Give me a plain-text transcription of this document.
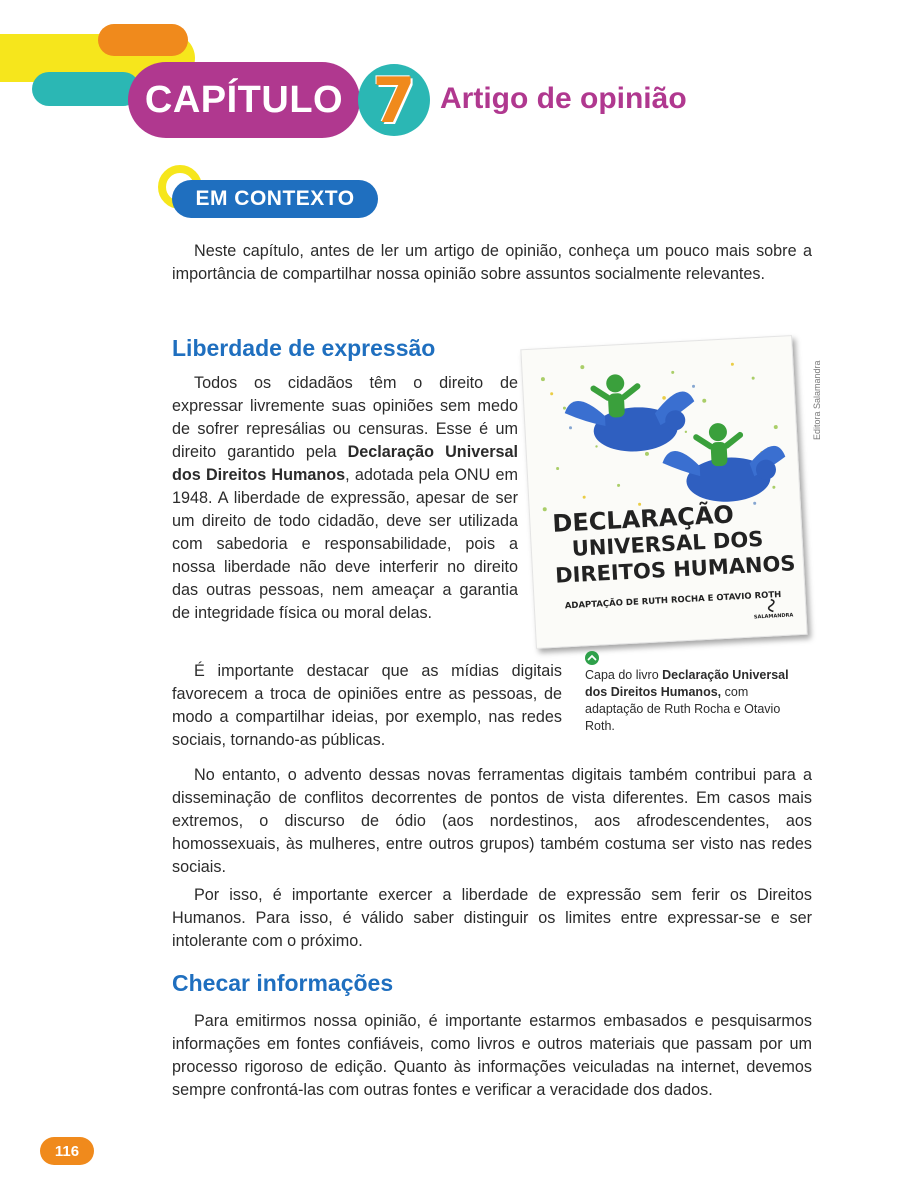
CAPÍTULO 7 Artigo de opinião
EM CONTEXTO

Neste capítulo, antes de ler um artigo de opinião, conheça um pouco mais sobre a importância de compartilhar nossa opinião sobre assuntos socialmente relevantes.

Liberdade de expressão

Todos os cidadãos têm o direito de expressar livremente suas opiniões sem medo de sofrer represálias ou censuras. Esse é um direito garantido pela Declaração Universal dos Direitos Humanos, adotada pela ONU em 1948. A liberdade de expressão, apesar de ser um direito de todo cidadão, deve ser utilizada com sabedoria e responsabilidade, pois a nossa liberdade não deve interferir no direito das outras pessoas, nem ameaçar a garantia de integridade física ou moral delas.

É importante destacar que as mídias digitais favorecem a troca de opiniões entre as pessoas, de modo a compartilhar ideias, por exemplo, nas redes sociais, tornando-as públicas.

DECLARAÇÃO
UNIVERSAL DOS
DIREITOS HUMANOS
ADAPTAÇÃO DE RUTH ROCHA E OTAVIO ROTH
SALAMANDRA
Editora Salamandra
Capa do livro Declaração Universal dos Direitos Humanos, com adaptação de Ruth Rocha e Otavio Roth.

No entanto, o advento dessas novas ferramentas digitais também contribui para a disseminação de conflitos decorrentes de pontos de vista diferentes. Em casos mais extremos, o discurso de ódio (aos nordestinos, aos afrodescendentes, aos homossexuais, às mulheres, entre outros grupos) também costuma ser visto nas redes sociais.

Por isso, é importante exercer a liberdade de expressão sem ferir os Direitos Humanos. Para isso, é válido saber distinguir os limites entre expressar-se e ser intolerante com o próximo.

Checar informações

Para emitirmos nossa opinião, é importante estarmos embasados e pesquisarmos informações em fontes confiáveis, como livros e outros materiais que passam por um processo rigoroso de edição. Quanto às informações veiculadas na internet, devemos sempre confrontá-las com outras fontes e verificar a veracidade dos dados.

116
